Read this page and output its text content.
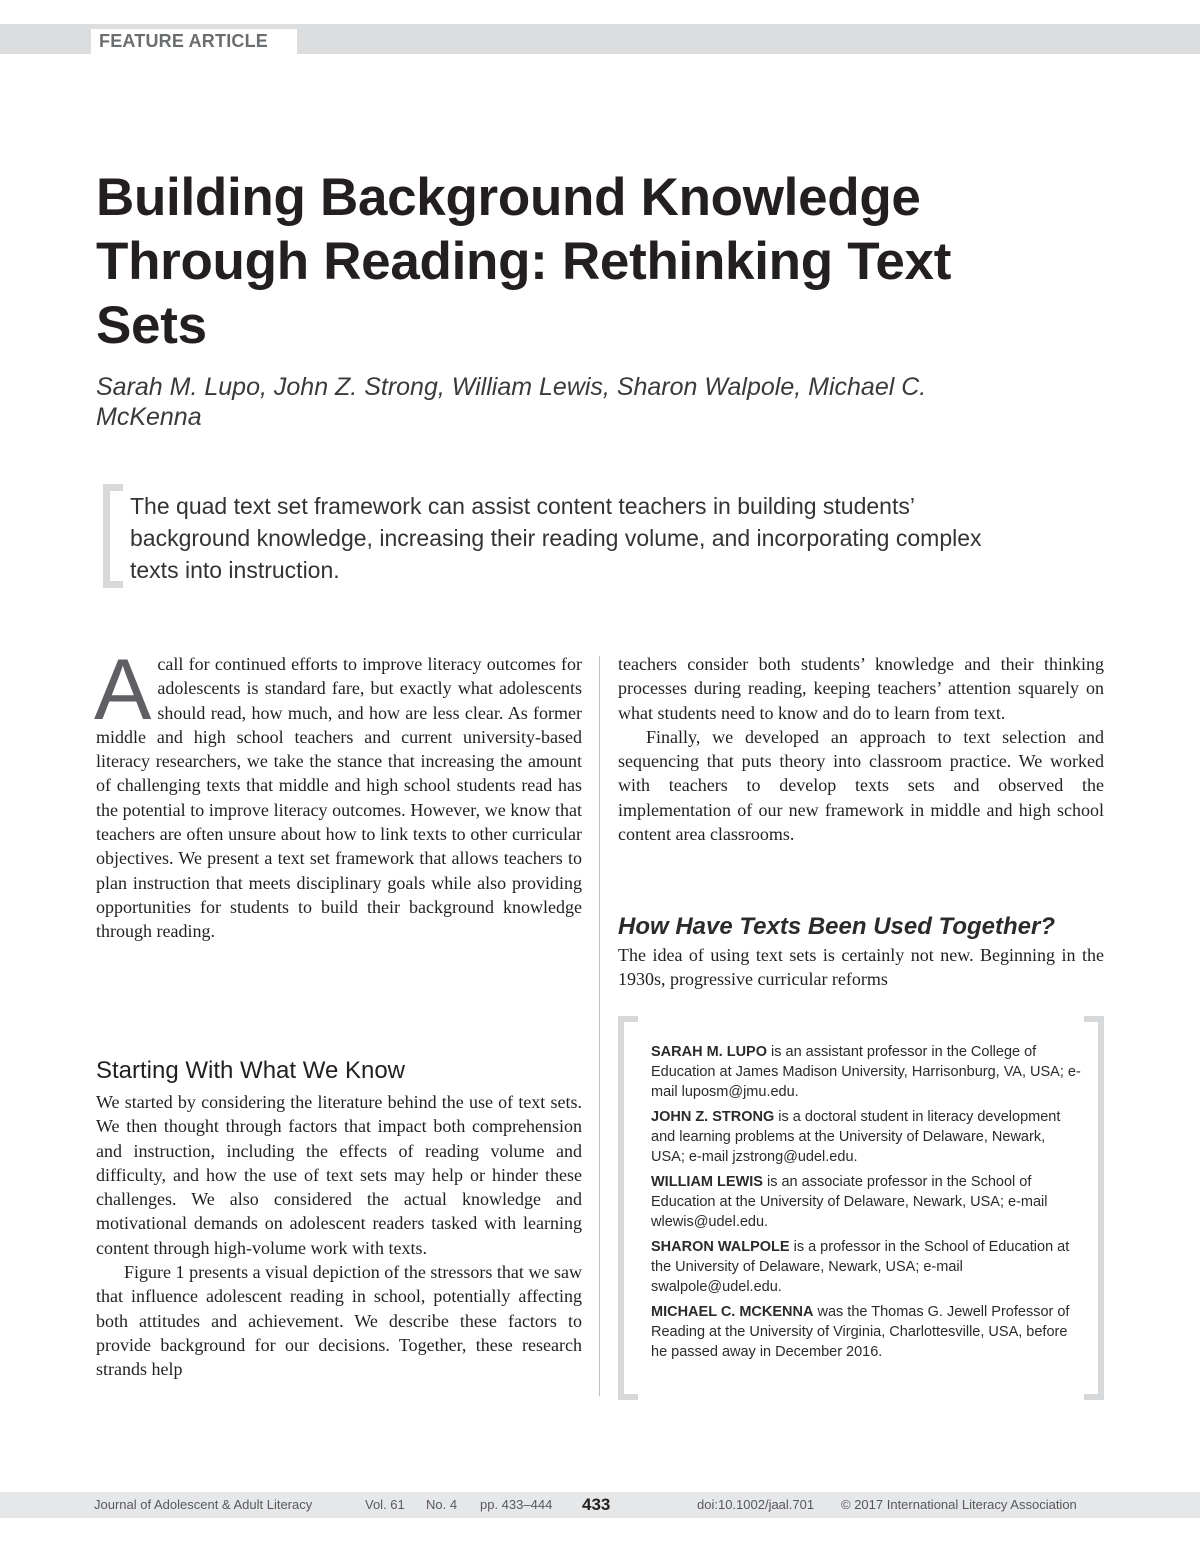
FEATURE ARTICLE
Building Background Knowledge Through Reading: Rethinking Text Sets
Sarah M. Lupo, John Z. Strong, William Lewis, Sharon Walpole, Michael C. McKenna
The quad text set framework can assist content teachers in building students’ background knowledge, increasing their reading volume, and incorporating complex texts into instruction.

Acall for continued efforts to improve literacy outcomes for adolescents is standard fare, but exactly what adolescents should read, how much, and how are less clear. As former middle and high school teachers and current university-based literacy researchers, we take the stance that increasing the amount of challenging texts that middle and high school students read has the potential to improve literacy outcomes. However, we know that teachers are often unsure about how to link texts to other curricular objectives. We present a text set framework that allows teachers to plan instruction that meets disciplinary goals while also providing opportunities for students to build their background knowledge through reading.

Starting With What We Know

We started by considering the literature behind the use of text sets. We then thought through factors that impact both comprehension and instruction, including the effects of reading volume and difficulty, and how the use of text sets may help or hinder these challenges. We also considered the actual knowledge and motivational demands on adolescent readers tasked with learning content through high-volume work with texts.

Figure 1 presents a visual depiction of the stressors that we saw that influence adolescent reading in school, potentially affecting both attitudes and achievement. We describe these factors to provide background for our decisions. Together, these research strands help

teachers consider both students’ knowledge and their thinking processes during reading, keeping teachers’ attention squarely on what students need to know and do to learn from text.

Finally, we developed an approach to text selection and sequencing that puts theory into classroom practice. We worked with teachers to develop texts sets and observed the implementation of our new framework in middle and high school content area classrooms.

How Have Texts Been Used Together?

The idea of using text sets is certainly not new. Beginning in the 1930s, progressive curricular reforms

SARAH M. LUPO is an assistant professor in the College of Education at James Madison University, Harrisonburg, VA, USA; e-mail luposm@jmu.edu.

JOHN Z. STRONG is a doctoral student in literacy development and learning problems at the University of Delaware, Newark, USA; e-mail jzstrong@udel.edu.

WILLIAM LEWIS is an associate professor in the School of Education at the University of Delaware, Newark, USA; e-mail wlewis@udel.edu.

SHARON WALPOLE is a professor in the School of Education at the University of Delaware, Newark, USA; e-mail swalpole@udel.edu.

MICHAEL C. MCKENNA was the Thomas G. Jewell Professor of Reading at the University of Virginia, Charlottesville, USA, before he passed away in December 2016.

Journal of Adolescent & Adult Literacy	Vol. 61 No. 4 pp. 433–444 433	doi:10.1002/jaal.701 © 2017 International Literacy Association
